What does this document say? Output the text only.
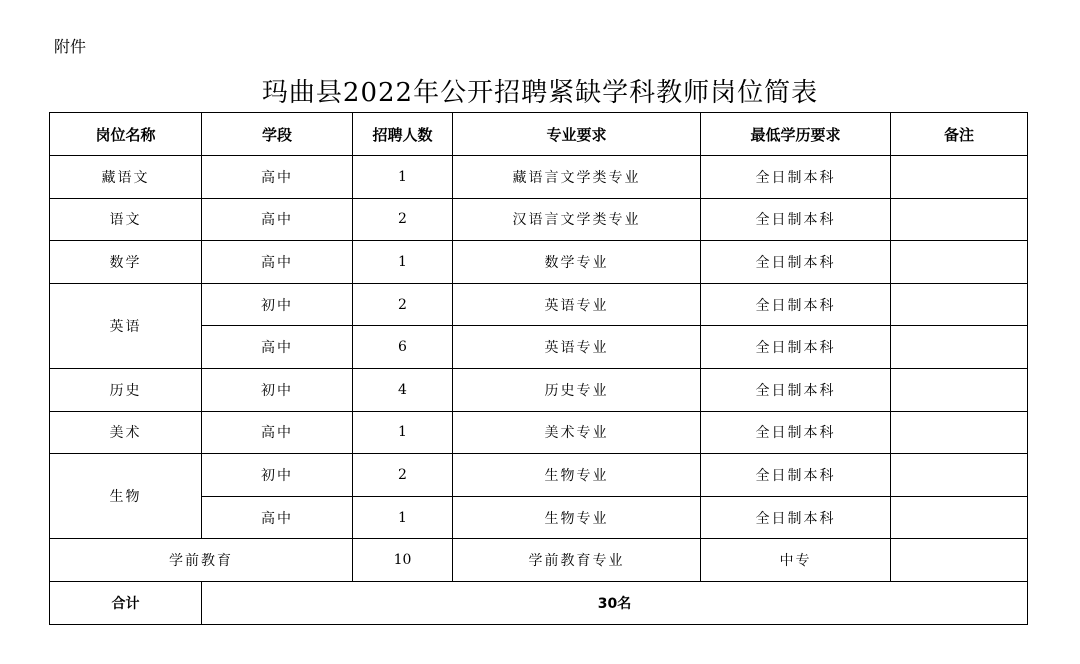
附件
玛曲县2022年公开招聘紧缺学科教师岗位简表
岗位名称	学段	招聘人数	专业要求	最低学历要求	备注
藏语文	高中	1	藏语言文学类专业	全日制本科	
语文	高中	2	汉语言文学类专业	全日制本科	
数学	高中	1	数学专业	全日制本科	
英语	初中	2	英语专业	全日制本科	
	高中	6	英语专业	全日制本科	
历史	初中	4	历史专业	全日制本科	
美术	高中	1	美术专业	全日制本科	
生物	初中	2	生物专业	全日制本科	
	高中	1	生物专业	全日制本科	
学前教育		10	学前教育专业	中专	
合计	30名				
